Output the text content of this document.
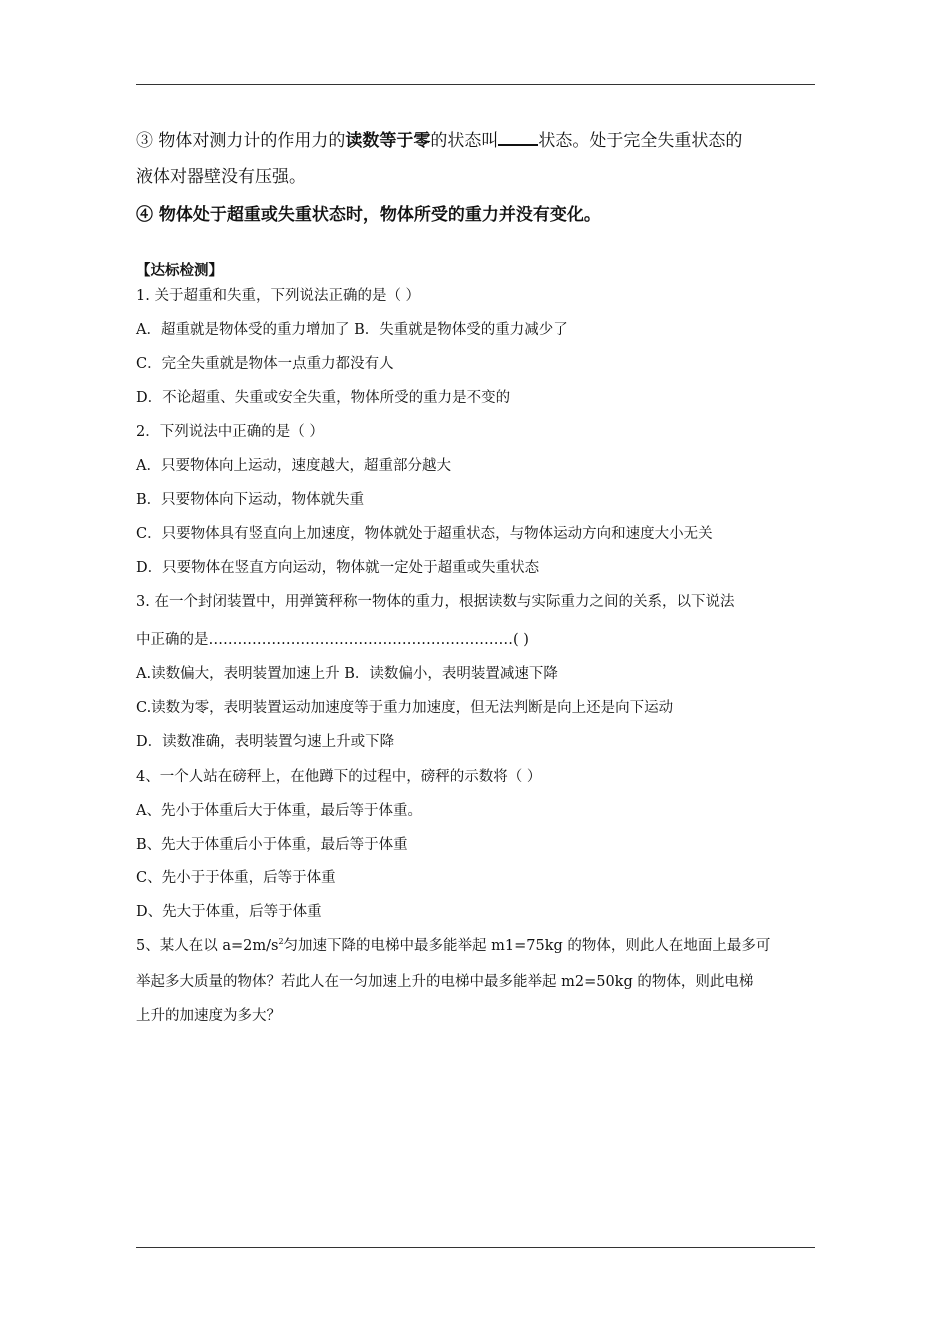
③ 物体对测力计的作用力的读数等于零的状态叫 状态。处于完全失重状态的
液体对器壁没有压强。
④ 物体处于超重或失重状态时，物体所受的重力并没有变化。
【达标检测】
1. 关于超重和失重，下列说法正确的是（ ）
A．超重就是物体受的重力增加了 B．失重就是物体受的重力减少了
C．完全失重就是物体一点重力都没有人
D．不论超重、失重或安全失重，物体所受的重力是不变的
2．下列说法中正确的是（ ）
A．只要物体向上运动，速度越大，超重部分越大
B．只要物体向下运动，物体就失重
C．只要物体具有竖直向上加速度，物体就处于超重状态，与物体运动方向和速度大小无关
D．只要物体在竖直方向运动，物体就一定处于超重或失重状态
3. 在一个封闭装置中，用弹簧秤称一物体的重力，根据读数与实际重力之间的关系，以下说法
中正确的是………………………………………………………( )
A.读数偏大，表明装置加速上升 B．读数偏小，表明装置减速下降
C.读数为零，表明装置运动加速度等于重力加速度，但无法判断是向上还是向下运动
D．读数准确，表明装置匀速上升或下降
4、一个人站在磅秤上，在他蹲下的过程中，磅秤的示数将（ ）
A、先小于体重后大于体重，最后等于体重。
B、先大于体重后小于体重，最后等于体重
C、先小于于体重，后等于体重
D、先大于体重，后等于体重
5、某人在以 $a=2m/s^2$匀加速下降的电梯中最多能举起 m1=75kg 的物体，则此人在地面上最多可
举起多大质量的物体？若此人在一匀加速上升的电梯中最多能举起 m2=50kg 的物体，则此电梯
上升的加速度为多大？
